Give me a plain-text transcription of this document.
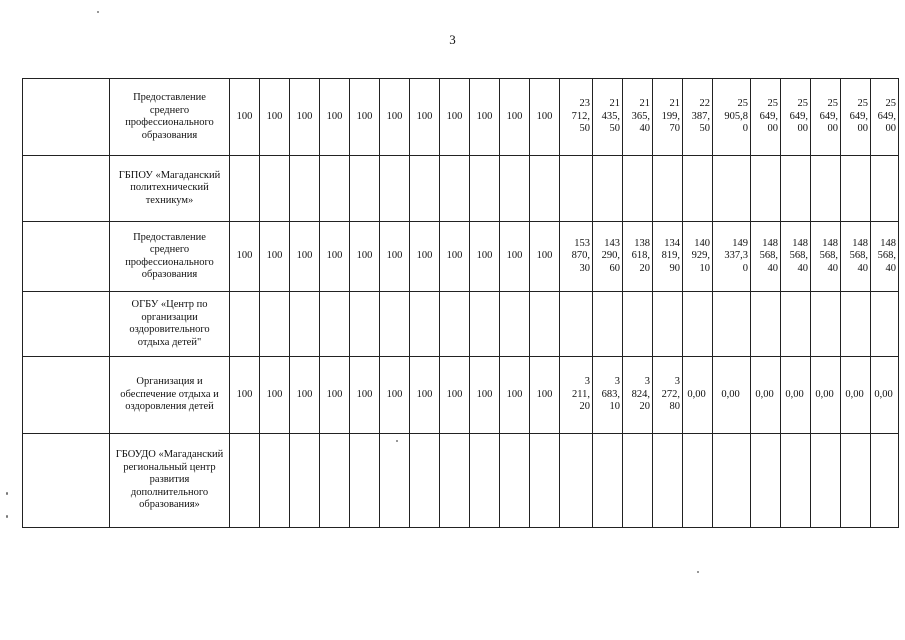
3
	Предоставление среднего профессионального образования	100	100	100	100	100	100	100	100	100	100	100	23
712,
50	21
435,
50	21
365,
40	21
199,
70	22
387,
50	25
905,8
0	25
649,
00	25
649,
00	25
649,
00	25
649,
00	25
649,
00
	ГБПОУ «Магаданский политехнический техникум»																						
	Предоставление среднего профессионального образования	100	100	100	100	100	100	100	100	100	100	100	153
870,
30	143
290,
60	138
618,
20	134
819,
90	140
929,
10	149
337,3
0	148
568,
40	148
568,
40	148
568,
40	148
568,
40	148
568,
40
	ОГБУ «Центр по организации оздоровительного отдыха детей"																						
	Организация и обеспечение отдыха и оздоровления детей	100	100	100	100	100	100	100	100	100	100	100	3
211,
20	3
683,
10	3
824,
20	3
272,
80	0,00	0,00	0,00	0,00	0,00	0,00	0,00
	ГБОУДО «Магаданский региональный центр развития дополнительного образования»																						
